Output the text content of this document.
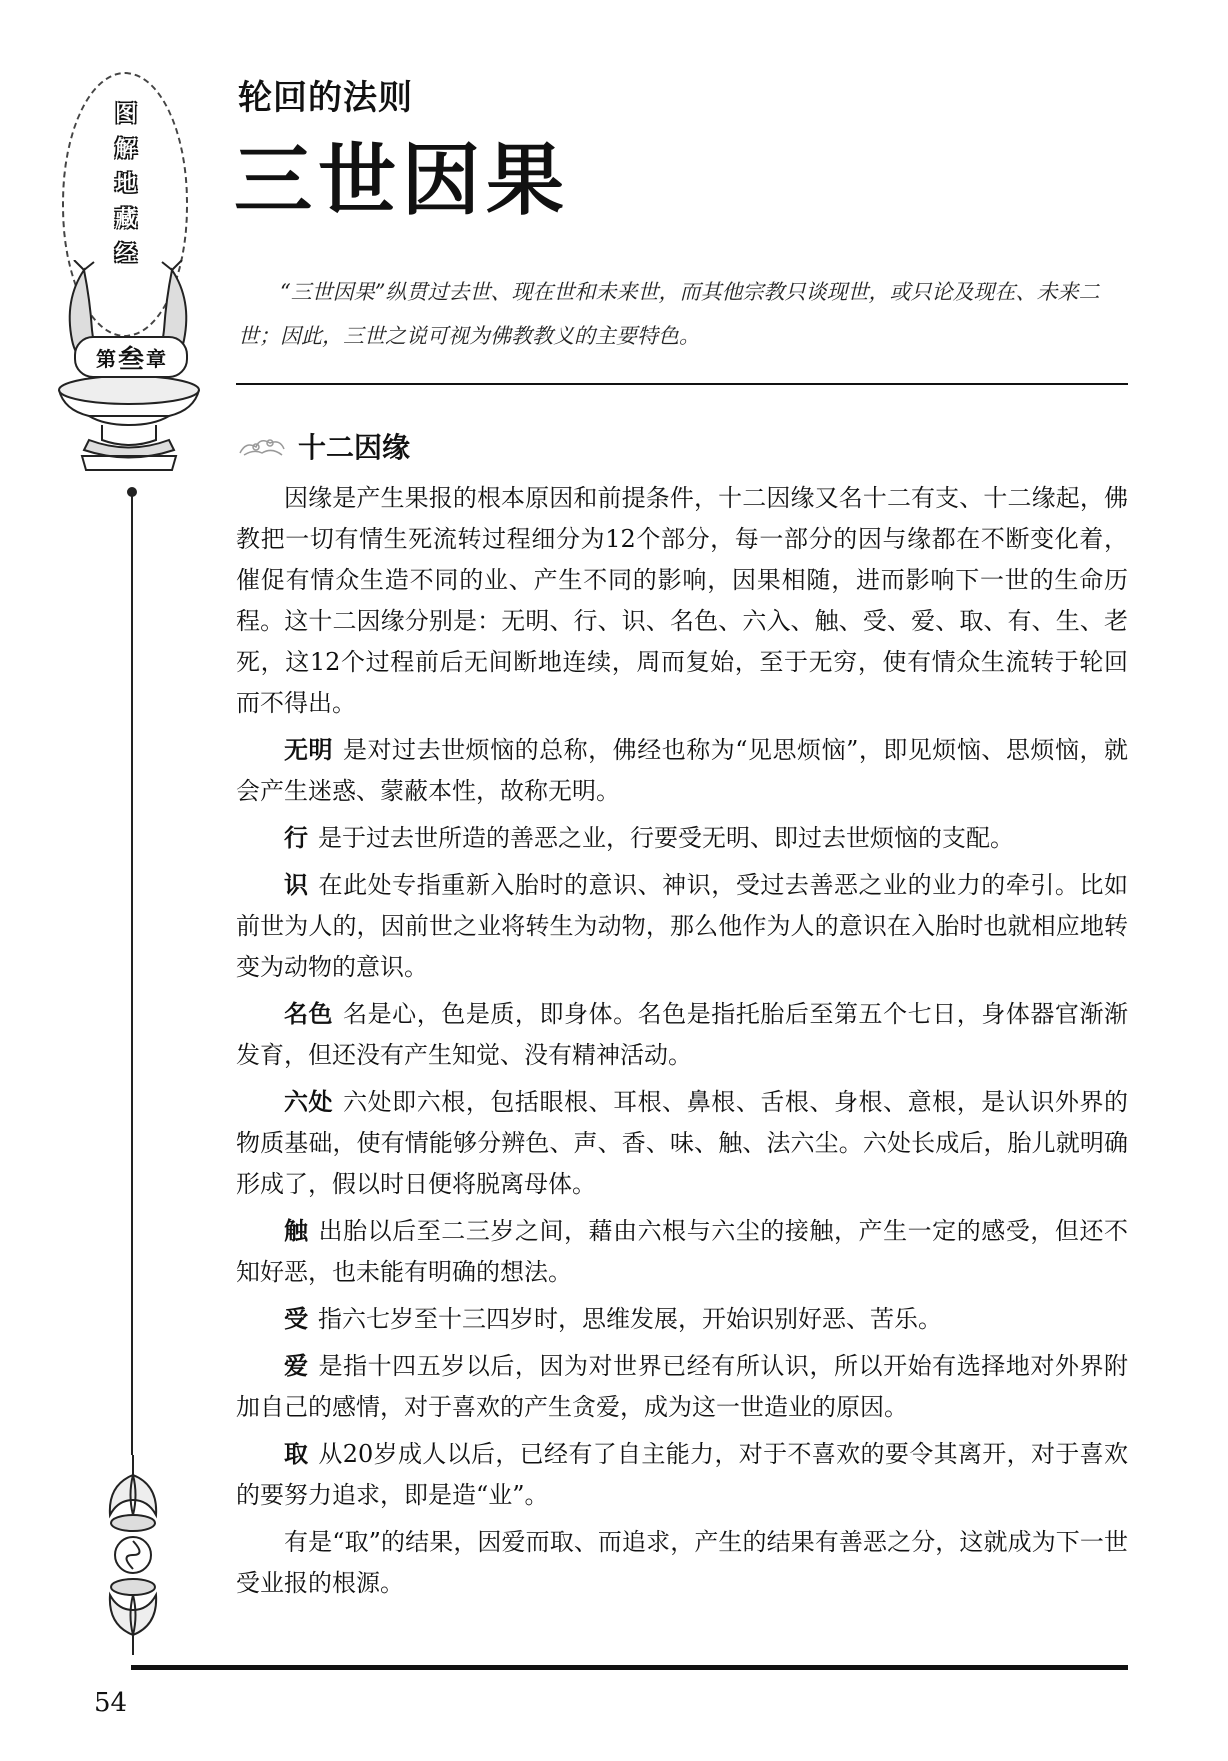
图
解
地
藏
经
第 叁 章
轮回的法则
三世因果
“三世因果”纵贯过去世、现在世和未来世，而其他宗教只谈现世，或只论及现在、未来二世；因此，三世之说可视为佛教教义的主要特色。
十二因缘

因缘是产生果报的根本原因和前提条件，十二因缘又名十二有支、十二缘起，佛教把一切有情生死流转过程细分为12个部分，每一部分的因与缘都在不断变化着，催促有情众生造不同的业、产生不同的影响，因果相随，进而影响下一世的生命历程。这十二因缘分别是：无明、行、识、名色、六入、触、受、爱、取、有、生、老死，这12个过程前后无间断地连续，周而复始，至于无穷，使有情众生流转于轮回而不得出。

无明 是对过去世烦恼的总称，佛经也称为“见思烦恼”，即见烦恼、思烦恼，就会产生迷惑、蒙蔽本性，故称无明。

行 是于过去世所造的善恶之业，行要受无明、即过去世烦恼的支配。

识 在此处专指重新入胎时的意识、神识，受过去善恶之业的业力的牵引。比如前世为人的，因前世之业将转生为动物，那么他作为人的意识在入胎时也就相应地转变为动物的意识。

名色 名是心，色是质，即身体。名色是指托胎后至第五个七日，身体器官渐渐发育，但还没有产生知觉、没有精神活动。

六处 六处即六根，包括眼根、耳根、鼻根、舌根、身根、意根，是认识外界的物质基础，使有情能够分辨色、声、香、味、触、法六尘。六处长成后，胎儿就明确形成了，假以时日便将脱离母体。

触 出胎以后至二三岁之间，藉由六根与六尘的接触，产生一定的感受，但还不知好恶，也未能有明确的想法。

受 指六七岁至十三四岁时，思维发展，开始识别好恶、苦乐。

爱 是指十四五岁以后，因为对世界已经有所认识，所以开始有选择地对外界附加自己的感情，对于喜欢的产生贪爱，成为这一世造业的原因。

取 从20岁成人以后，已经有了自主能力，对于不喜欢的要令其离开，对于喜欢的要努力追求，即是造“业”。

有是“取”的结果，因爱而取、而追求，产生的结果有善恶之分，这就成为下一世受业报的根源。

54
